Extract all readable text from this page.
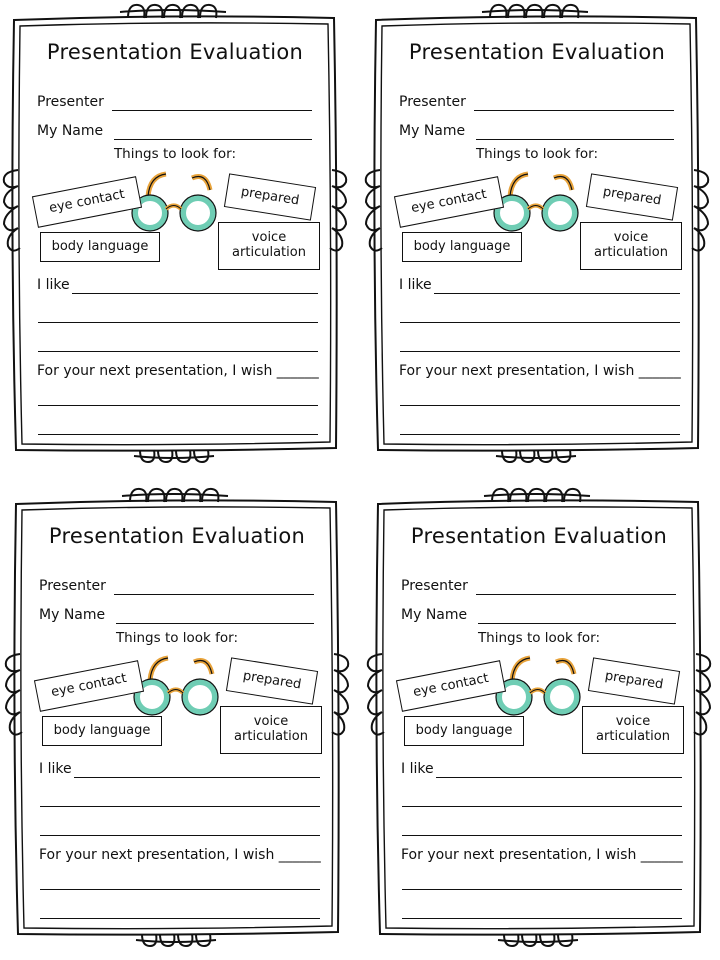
Presentation Evaluation
Presenter
My Name
Things to look for:
eye contact	prepared
body language
voice articulation
I like
For your next presentation, I wish ______
Presentation Evaluation
Presenter
My Name
Things to look for:
eye contact	prepared
body language
voice articulation
I like
For your next presentation, I wish ______
Presentation Evaluation
Presenter
My Name
Things to look for:
eye contact	prepared
body language
voice articulation
I like
For your next presentation, I wish ______
Presentation Evaluation
Presenter
My Name
Things to look for:
eye contact	prepared
body language
voice articulation
I like
For your next presentation, I wish ______
